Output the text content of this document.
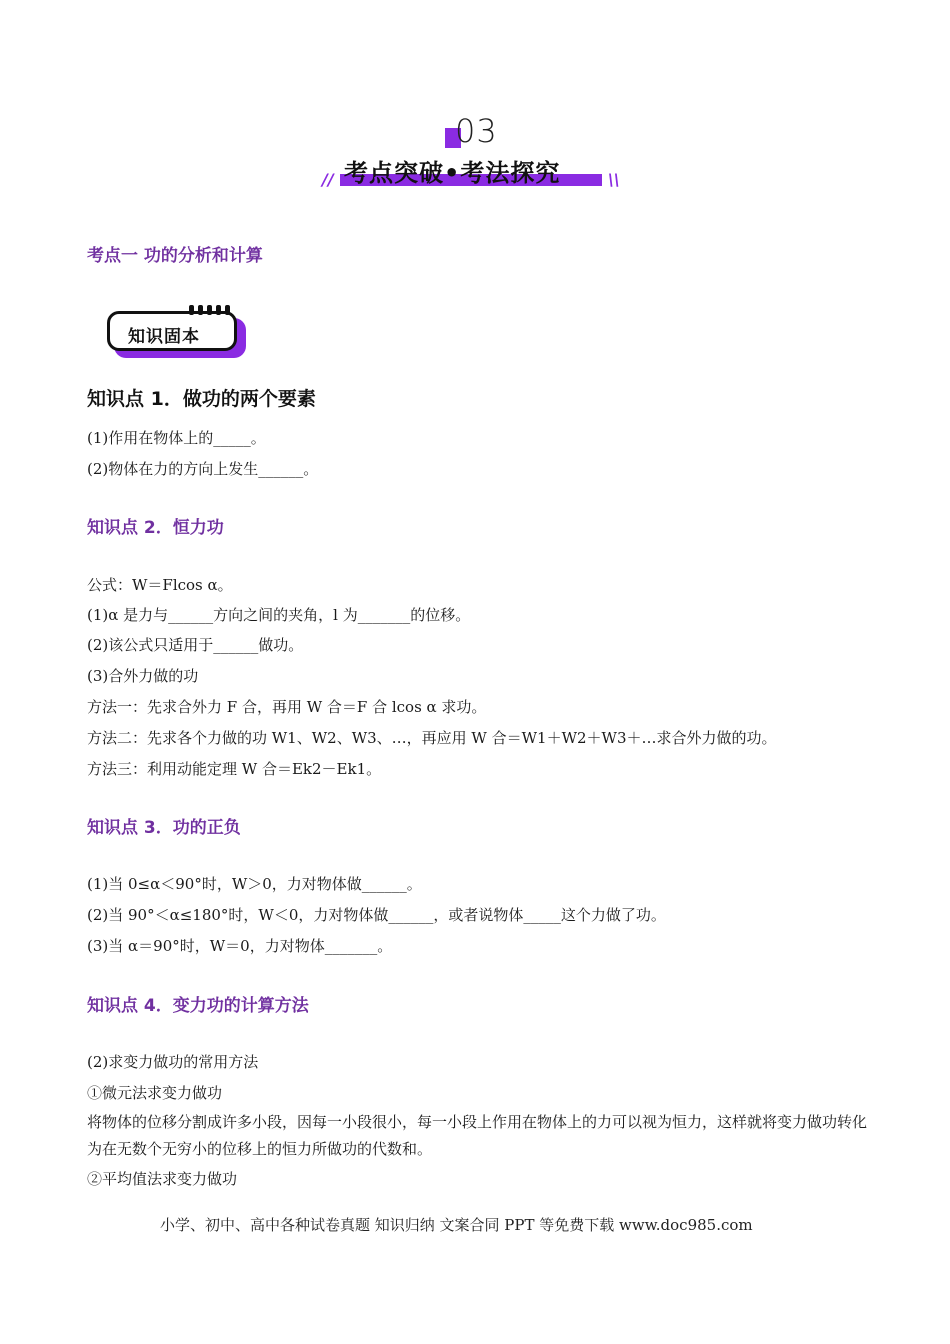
03
考点突破•考法探究
//	\\
考点一 功的分析和计算
知识固本
知识点 1．做功的两个要素
(1)作用在物体上的_____。
(2)物体在力的方向上发生______。
知识点 2．恒力功
公式：W＝Flcos α。
(1)α 是力与______方向之间的夹角，l 为_______的位移。
(2)该公式只适用于______做功。
(3)合外力做的功
方法一：先求合外力 F 合，再用 W 合＝F 合 lcos α 求功。
方法二：先求各个力做的功 W1、W2、W3、…，再应用 W 合＝W1＋W2＋W3＋…求合外力做的功。
方法三：利用动能定理 W 合＝Ek2－Ek1。
知识点 3．功的正负
(1)当 0≤α＜90°时，W＞0，力对物体做______。
(2)当 90°＜α≤180°时，W＜0，力对物体做______，或者说物体_____这个力做了功。
(3)当 α＝90°时，W＝0，力对物体_______。
知识点 4．变力功的计算方法
(2)求变力做功的常用方法
①微元法求变力做功
将物体的位移分割成许多小段，因每一小段很小，每一小段上作用在物体上的力可以视为恒力，这样就将变力做功转化为在无数个无穷小的位移上的恒力所做功的代数和。
②平均值法求变力做功
小学、初中、高中各种试卷真题 知识归纳 文案合同 PPT 等免费下载 www.doc985.com
